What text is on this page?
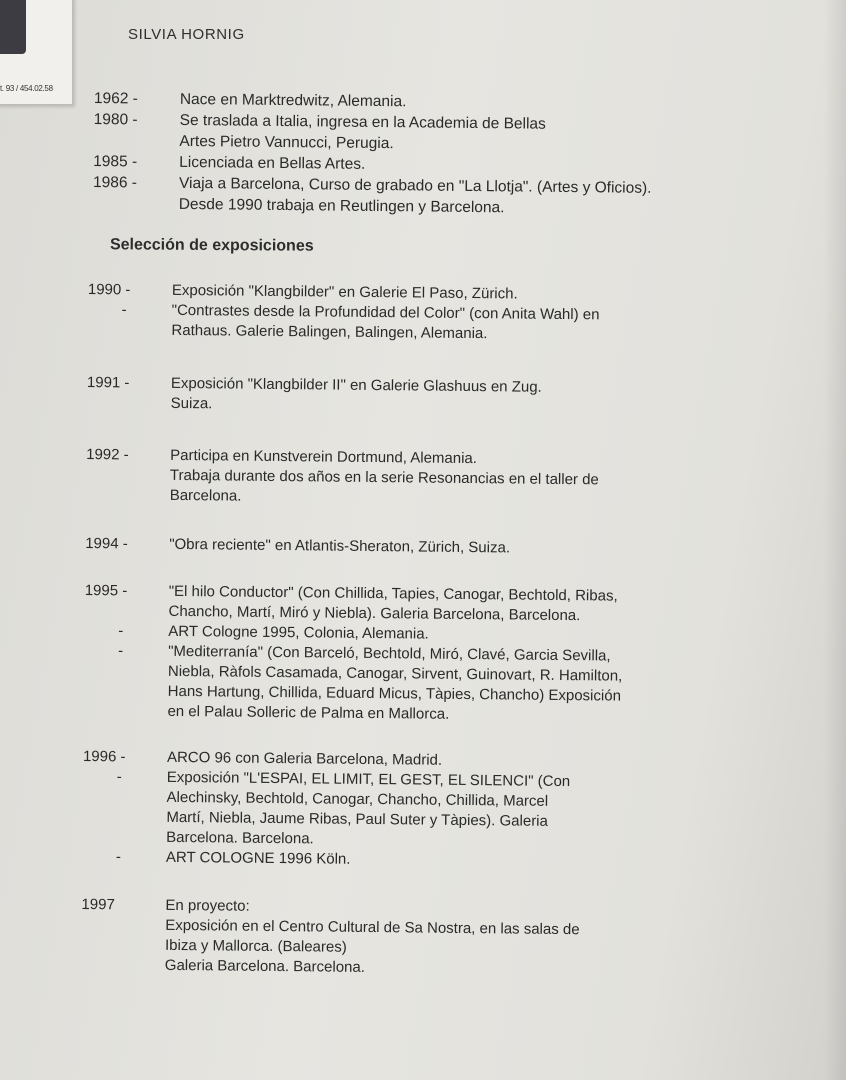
t. 93 / 454.02.58
SILVIA HORNIG
1962 -	Nace en Marktredwitz, Alemania.
1980 -	Se traslada a Italia, ingresa en la Academia de Bellas
Artes Pietro Vannucci, Perugia.
1985 -	Licenciada en Bellas Artes.
1986 -	Viaja a Barcelona, Curso de grabado en "La Llotja". (Artes y Oficios).
Desde 1990 trabaja en Reutlingen y Barcelona.
Selección de exposiciones
1990 -	Exposición "Klangbilder" en Galerie El Paso, Zürich.
-	"Contrastes desde la Profundidad del Color" (con Anita Wahl) en
Rathaus. Galerie Balingen, Balingen, Alemania.
1991 -	Exposición "Klangbilder II" en Galerie Glashuus en Zug.
Suiza.
1992 -	Participa en Kunstverein Dortmund, Alemania.
Trabaja durante dos años en la serie Resonancias en el taller de
Barcelona.
1994 -	"Obra reciente" en Atlantis-Sheraton, Zürich, Suiza.
1995 -	"El hilo Conductor" (Con Chillida, Tapies, Canogar, Bechtold, Ribas,
Chancho, Martí, Miró y Niebla). Galeria Barcelona, Barcelona.
-	ART Cologne 1995, Colonia, Alemania.
-	"Mediterranía" (Con Barceló, Bechtold, Miró, Clavé, Garcia Sevilla,
Niebla, Ràfols Casamada, Canogar, Sirvent, Guinovart, R. Hamilton,
Hans Hartung, Chillida, Eduard Micus, Tàpies, Chancho) Exposición
en el Palau Solleric de Palma en Mallorca.
1996 -	ARCO 96 con Galeria Barcelona, Madrid.
-	Exposición "L'ESPAI, EL LIMIT, EL GEST, EL SILENCI" (Con
Alechinsky, Bechtold, Canogar, Chancho, Chillida, Marcel
Martí, Niebla, Jaume Ribas, Paul Suter y Tàpies). Galeria
Barcelona. Barcelona.
-	ART COLOGNE 1996 Köln.
1997	En proyecto:
Exposición en el Centro Cultural de Sa Nostra, en las salas de
Ibiza y Mallorca. (Baleares)
Galeria Barcelona. Barcelona.
